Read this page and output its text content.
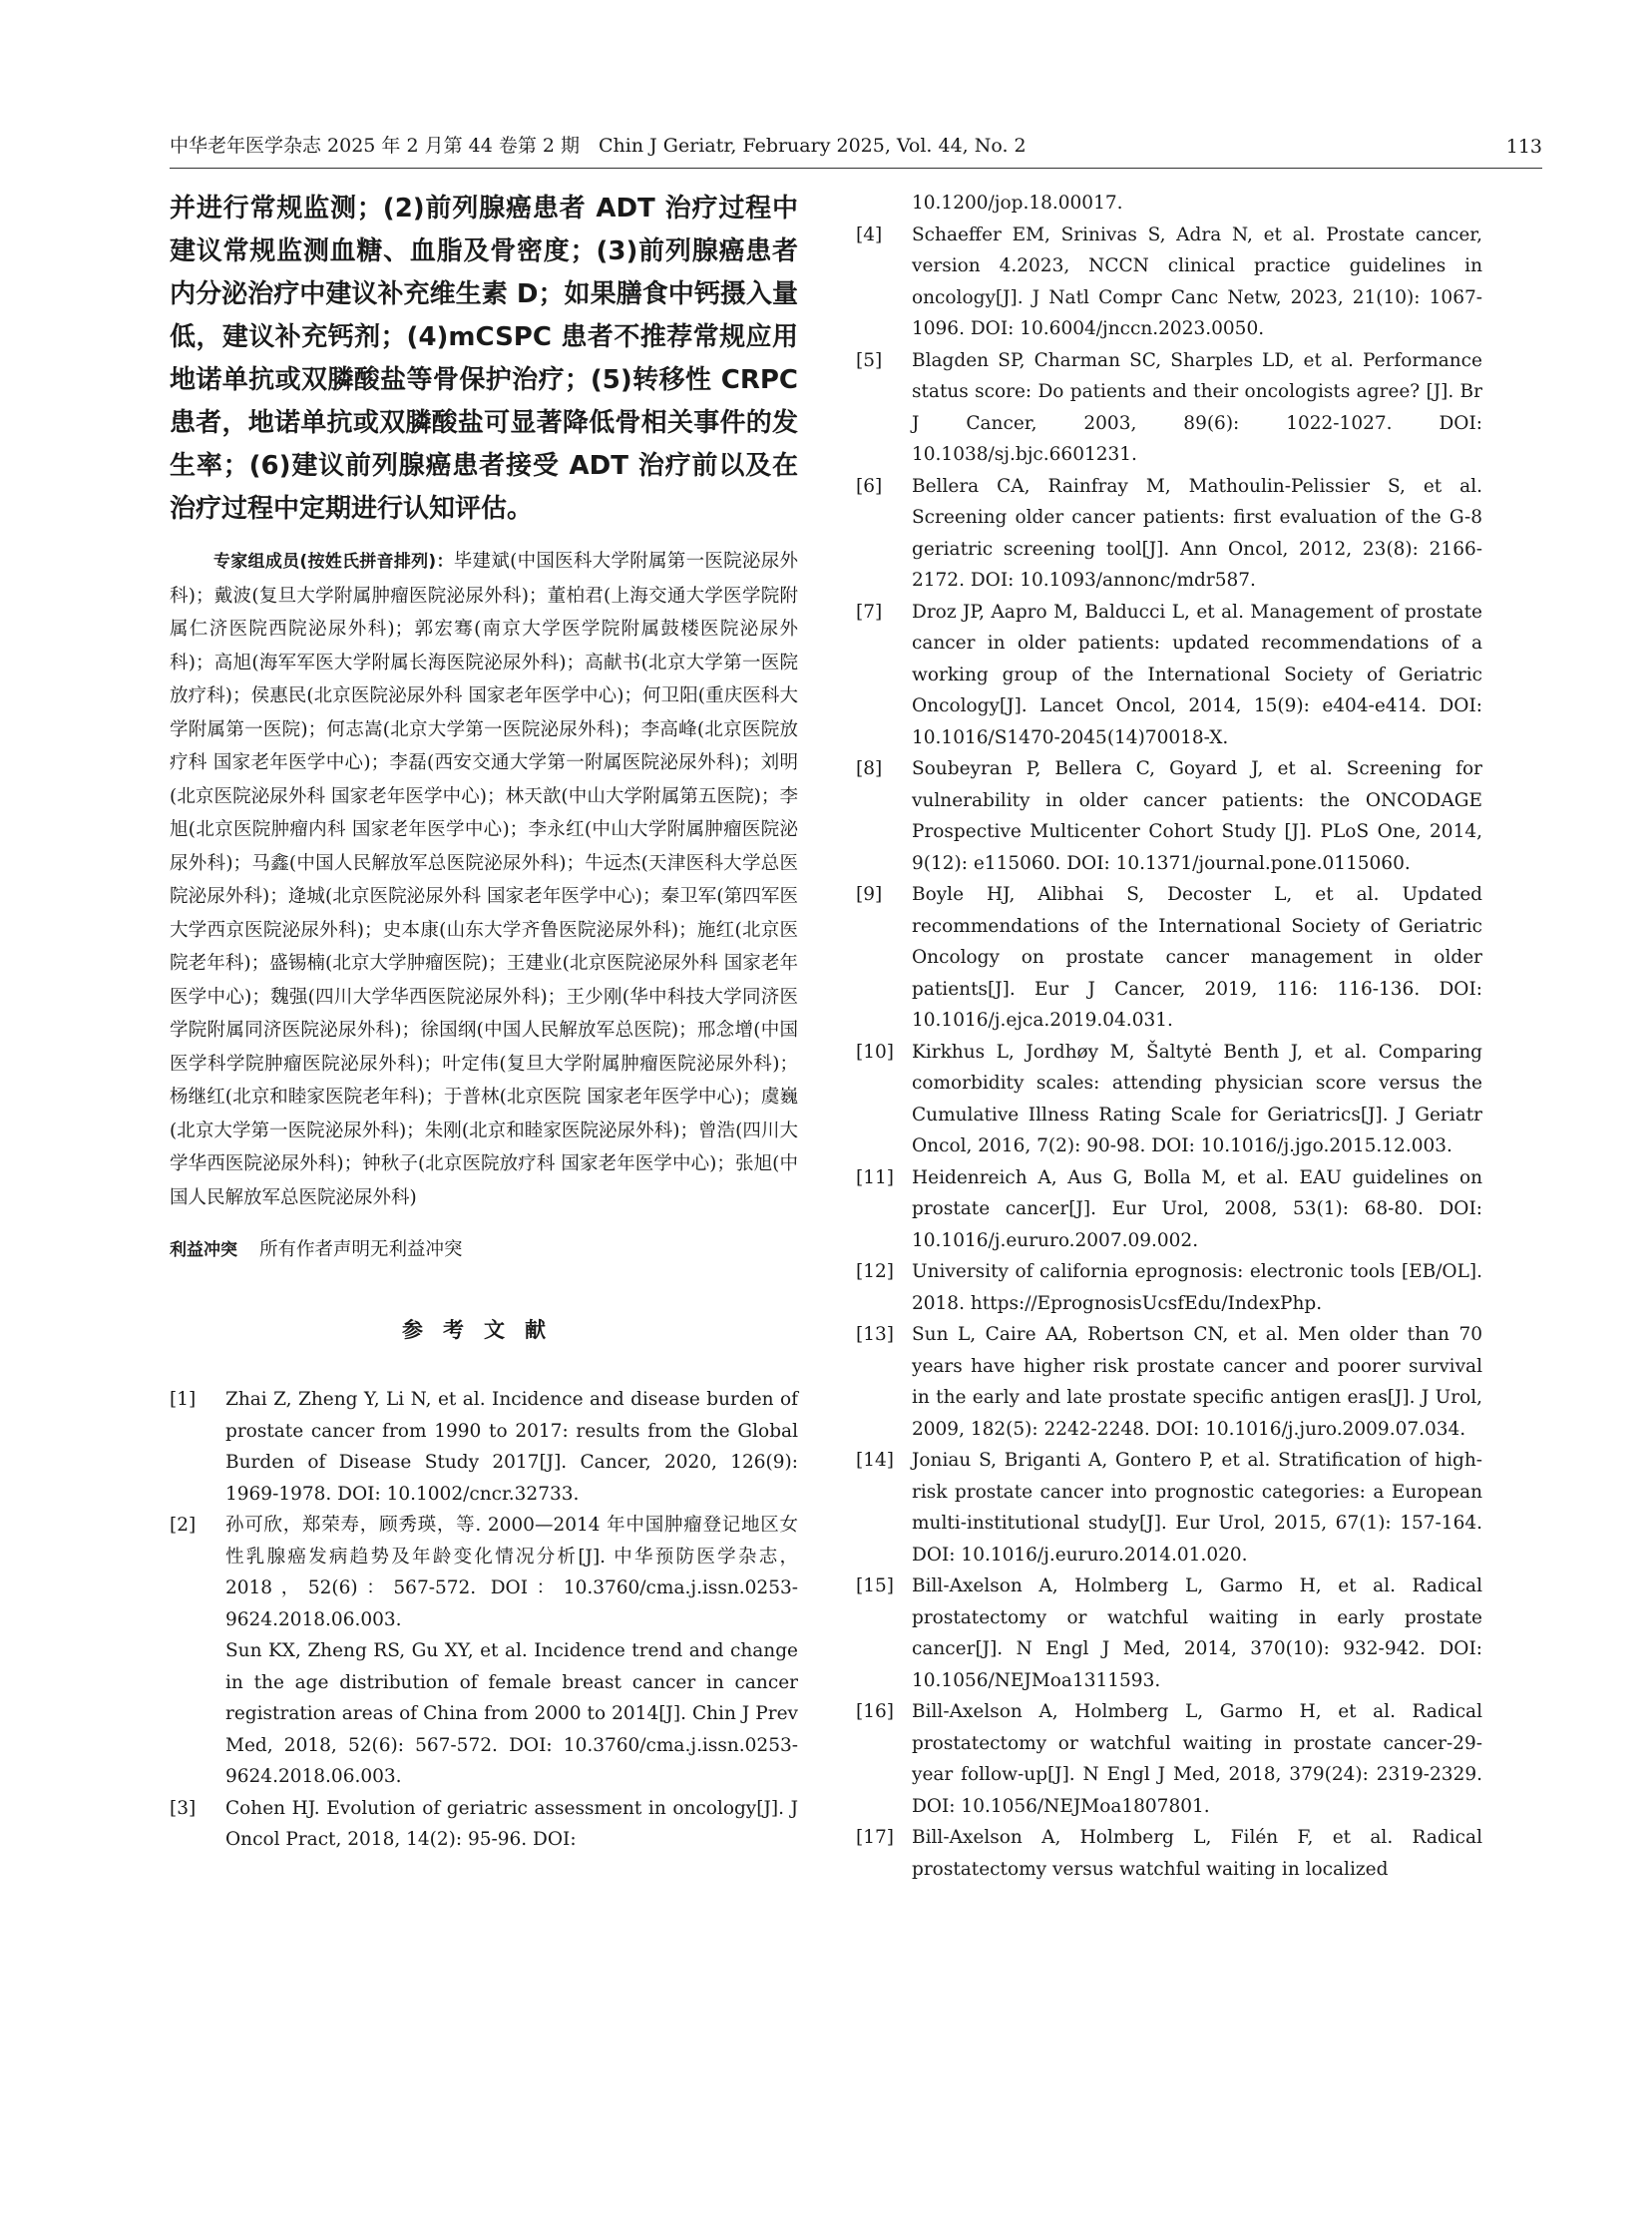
中华老年医学杂志 2025 年 2 月第 44 卷第 2 期　Chin J Geriatr, February 2025, Vol. 44, No. 2	113

并进行常规监测；(2)前列腺癌患者 ADT 治疗过程中建议常规监测血糖、血脂及骨密度；(3)前列腺癌患者内分泌治疗中建议补充维生素 D；如果膳食中钙摄入量低，建议补充钙剂；(4)mCSPC 患者不推荐常规应用地诺单抗或双膦酸盐等骨保护治疗；(5)转移性 CRPC 患者，地诺单抗或双膦酸盐可显著降低骨相关事件的发生率；(6)建议前列腺癌患者接受 ADT 治疗前以及在治疗过程中定期进行认知评估。

专家组成员(按姓氏拼音排列)：毕建斌(中国医科大学附属第一医院泌尿外科)；戴波(复旦大学附属肿瘤医院泌尿外科)；董柏君(上海交通大学医学院附属仁济医院西院泌尿外科)；郭宏骞(南京大学医学院附属鼓楼医院泌尿外科)；高旭(海军军医大学附属长海医院泌尿外科)；高献书(北京大学第一医院放疗科)；侯惠民(北京医院泌尿外科 国家老年医学中心)；何卫阳(重庆医科大学附属第一医院)；何志嵩(北京大学第一医院泌尿外科)；李高峰(北京医院放疗科 国家老年医学中心)；李磊(西安交通大学第一附属医院泌尿外科)；刘明(北京医院泌尿外科 国家老年医学中心)；林天歆(中山大学附属第五医院)；李旭(北京医院肿瘤内科 国家老年医学中心)；李永红(中山大学附属肿瘤医院泌尿外科)；马鑫(中国人民解放军总医院泌尿外科)；牛远杰(天津医科大学总医院泌尿外科)；逄城(北京医院泌尿外科 国家老年医学中心)；秦卫军(第四军医大学西京医院泌尿外科)；史本康(山东大学齐鲁医院泌尿外科)；施红(北京医院老年科)；盛锡楠(北京大学肿瘤医院)；王建业(北京医院泌尿外科 国家老年医学中心)；魏强(四川大学华西医院泌尿外科)；王少刚(华中科技大学同济医学院附属同济医院泌尿外科)；徐国纲(中国人民解放军总医院)；邢念增(中国医学科学院肿瘤医院泌尿外科)；叶定伟(复旦大学附属肿瘤医院泌尿外科)；杨继红(北京和睦家医院老年科)；于普林(北京医院 国家老年医学中心)；虞巍(北京大学第一医院泌尿外科)；朱刚(北京和睦家医院泌尿外科)；曾浩(四川大学华西医院泌尿外科)；钟秋子(北京医院放疗科 国家老年医学中心)；张旭(中国人民解放军总医院泌尿外科)

利益冲突 所有作者声明无利益冲突
参考文献
[1]	Zhai Z, Zheng Y, Li N, et al. Incidence and disease burden of prostate cancer from 1990 to 2017: results from the Global Burden of Disease Study 2017[J]. Cancer, 2020, 126(9): 1969-1978. DOI: 10.1002/cncr.32733.
[2]	孙可欣，郑荣寿，顾秀瑛，等. 2000—2014 年中国肿瘤登记地区女性乳腺癌发病趋势及年龄变化情况分析[J]. 中华预防医学杂志，2018，52(6)：567-572. DOI：10.3760/cma.j.issn.0253-9624.2018.06.003.
Sun KX, Zheng RS, Gu XY, et al. Incidence trend and change in the age distribution of female breast cancer in cancer registration areas of China from 2000 to 2014[J]. Chin J Prev Med, 2018, 52(6): 567-572. DOI: 10.3760/cma.j.issn.0253-9624.2018.06.003.
[3]	Cohen HJ. Evolution of geriatric assessment in oncology[J]. J Oncol Pract, 2018, 14(2): 95-96. DOI:
10.1200/jop.18.00017.
[4]	Schaeffer EM, Srinivas S, Adra N, et al. Prostate cancer, version 4.2023, NCCN clinical practice guidelines in oncology[J]. J Natl Compr Canc Netw, 2023, 21(10): 1067-1096. DOI: 10.6004/jnccn.2023.0050.
[5]	Blagden SP, Charman SC, Sharples LD, et al. Performance status score: Do patients and their oncologists agree? [J]. Br J Cancer, 2003, 89(6): 1022-1027. DOI: 10.1038/sj.bjc.6601231.
[6]	Bellera CA, Rainfray M, Mathoulin-Pelissier S, et al. Screening older cancer patients: first evaluation of the G-8 geriatric screening tool[J]. Ann Oncol, 2012, 23(8): 2166-2172. DOI: 10.1093/annonc/mdr587.
[7]	Droz JP, Aapro M, Balducci L, et al. Management of prostate cancer in older patients: updated recommendations of a working group of the International Society of Geriatric Oncology[J]. Lancet Oncol, 2014, 15(9): e404-e414. DOI: 10.1016/S1470-2045(14)70018-X.
[8]	Soubeyran P, Bellera C, Goyard J, et al. Screening for vulnerability in older cancer patients: the ONCODAGE Prospective Multicenter Cohort Study [J]. PLoS One, 2014, 9(12): e115060. DOI: 10.1371/journal.pone.0115060.
[9]	Boyle HJ, Alibhai S, Decoster L, et al. Updated recommendations of the International Society of Geriatric Oncology on prostate cancer management in older patients[J]. Eur J Cancer, 2019, 116: 116-136. DOI: 10.1016/j.ejca.2019.04.031.
[10] Kirkhus L, Jordhøy M, Šaltytė Benth J, et al. Comparing comorbidity scales: attending physician score versus the Cumulative Illness Rating Scale for Geriatrics[J]. J Geriatr Oncol, 2016, 7(2): 90-98. DOI: 10.1016/j.jgo.2015.12.003.
[11] Heidenreich A, Aus G, Bolla M, et al. EAU guidelines on prostate cancer[J]. Eur Urol, 2008, 53(1): 68-80. DOI: 10.1016/j.eururo.2007.09.002.
[12] University of california eprognosis: electronic tools [EB/OL]. 2018. https://EprognosisUcsfEdu/IndexPhp.
[13] Sun L, Caire AA, Robertson CN, et al. Men older than 70 years have higher risk prostate cancer and poorer survival in the early and late prostate specific antigen eras[J]. J Urol, 2009, 182(5): 2242-2248. DOI: 10.1016/j.juro.2009.07.034.
[14] Joniau S, Briganti A, Gontero P, et al. Stratification of high-risk prostate cancer into prognostic categories: a European multi-institutional study[J]. Eur Urol, 2015, 67(1): 157-164. DOI: 10.1016/j.eururo.2014.01.020.
[15] Bill-Axelson A, Holmberg L, Garmo H, et al. Radical prostatectomy or watchful waiting in early prostate cancer[J]. N Engl J Med, 2014, 370(10): 932-942. DOI: 10.1056/NEJMoa1311593.
[16] Bill-Axelson A, Holmberg L, Garmo H, et al. Radical prostatectomy or watchful waiting in prostate cancer-29-year follow-up[J]. N Engl J Med, 2018, 379(24): 2319-2329. DOI: 10.1056/NEJMoa1807801.
[17] Bill-Axelson A, Holmberg L, Filén F, et al. Radical prostatectomy versus watchful waiting in localized
